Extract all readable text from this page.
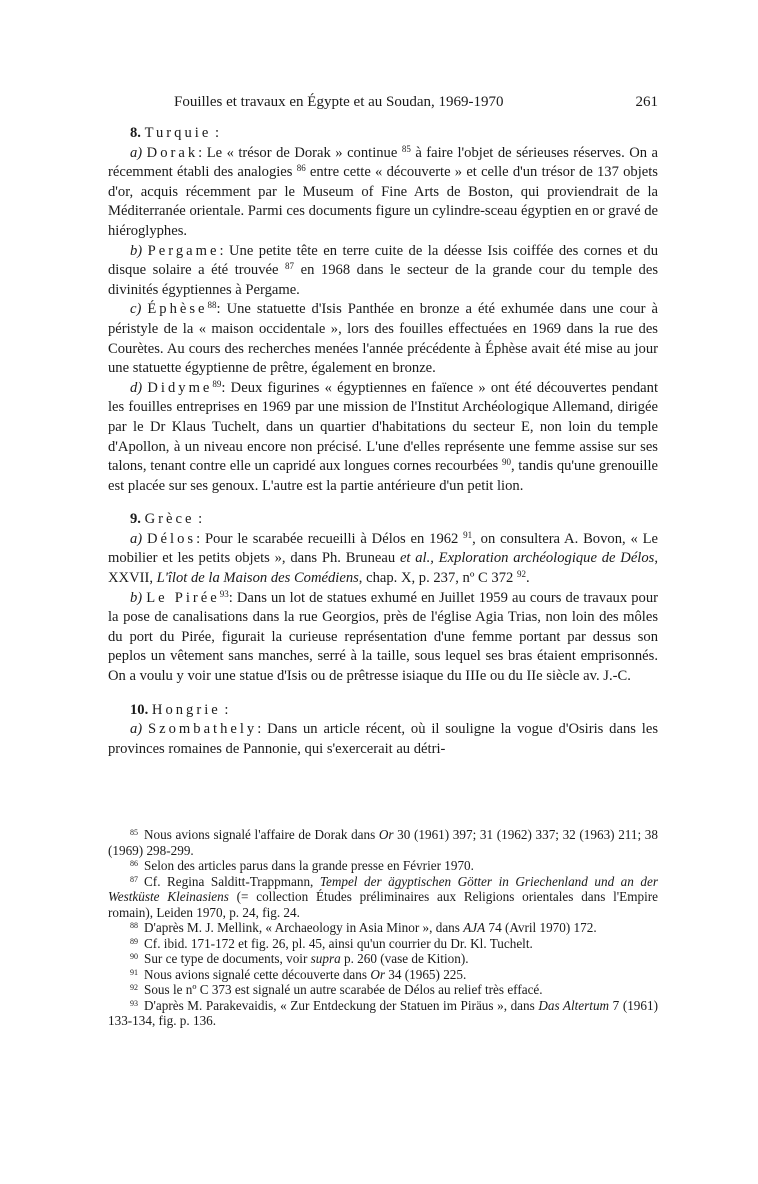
Fouilles et travaux en Égypte et au Soudan, 1969-1970	261

8. Turquie :

a) Dorak: Le « trésor de Dorak » continue $^{85}$ à faire l'objet de sérieuses réserves. On a récemment établi des analogies $^{86}$ entre cette « découverte » et celle d'un trésor de 137 objets d'or, acquis récemment par le Museum of Fine Arts de Boston, qui proviendrait de la Méditerranée orientale. Parmi ces documents figure un cylindre-sceau égyptien en or gravé de hiéroglyphes.

b) Pergame: Une petite tête en terre cuite de la déesse Isis coiffée des cornes et du disque solaire a été trouvée $^{87}$ en 1968 dans le secteur de la grande cour du temple des divinités égyptiennes à Pergame.

c) Éphèse$^{88}$: Une statuette d'Isis Panthée en bronze a été exhumée dans une cour à péristyle de la « maison occidentale », lors des fouilles effectuées en 1969 dans la rue des Courètes. Au cours des recherches menées l'année précédente à Éphèse avait été mise au jour une statuette égyptienne de prêtre, également en bronze.

d) Didyme$^{89}$: Deux figurines « égyptiennes en faïence » ont été découvertes pendant les fouilles entreprises en 1969 par une mission de l'Institut Archéologique Allemand, dirigée par le Dr Klaus Tuchelt, dans un quartier d'habitations du secteur E, non loin du temple d'Apollon, à un niveau encore non précisé. L'une d'elles représente une femme assise sur ses talons, tenant contre elle un capridé aux longues cornes recourbées $^{90}$, tandis qu'une grenouille est placée sur ses genoux. L'autre est la partie antérieure d'un petit lion.

9. Grèce :

a) Délos: Pour le scarabée recueilli à Délos en 1962 $^{91}$, on consultera A. Bovon, « Le mobilier et les petits objets », dans Ph. Bruneau et al., Exploration archéologique de Délos, XXVII, L'îlot de la Maison des Comédiens, chap. X, p. 237, nº C 372 $^{92}$.

b) Le Pirée$^{93}$: Dans un lot de statues exhumé en Juillet 1959 au cours de travaux pour la pose de canalisations dans la rue Georgios, près de l'église Agia Trias, non loin des môles du port du Pirée, figurait la curieuse représentation d'une femme portant par dessus son peplos un vêtement sans manches, serré à la taille, sous lequel ses bras étaient emprisonnés. On a voulu y voir une statue d'Isis ou de prêtresse isiaque du IIIe ou du IIe siècle av. J.-C.

10. Hongrie :

a) Szombathely: Dans un article récent, où il souligne la vogue d'Osiris dans les provinces romaines de Pannonie, qui s'exercerait au détri-

$^{85}$ Nous avions signalé l'affaire de Dorak dans Or 30 (1961) 397; 31 (1962) 337; 32 (1963) 211; 38 (1969) 298-299.

$^{86}$ Selon des articles parus dans la grande presse en Février 1970.

$^{87}$ Cf. Regina Salditt-Trappmann, Tempel der ägyptischen Götter in Griechenland und an der Westküste Kleinasiens (= collection Études préliminaires aux Religions orientales dans l'Empire romain), Leiden 1970, p. 24, fig. 24.

$^{88}$ D'après M. J. Mellink, « Archaeology in Asia Minor », dans AJA 74 (Avril 1970) 172.

$^{89}$ Cf. ibid. 171-172 et fig. 26, pl. 45, ainsi qu'un courrier du Dr. Kl. Tuchelt.

$^{90}$ Sur ce type de documents, voir supra p. 260 (vase de Kition).

$^{91}$ Nous avions signalé cette découverte dans Or 34 (1965) 225.

$^{92}$ Sous le nº C 373 est signalé un autre scarabée de Délos au relief très effacé.

$^{93}$ D'après M. Parakevaidis, « Zur Entdeckung der Statuen im Piräus », dans Das Altertum 7 (1961) 133-134, fig. p. 136.
